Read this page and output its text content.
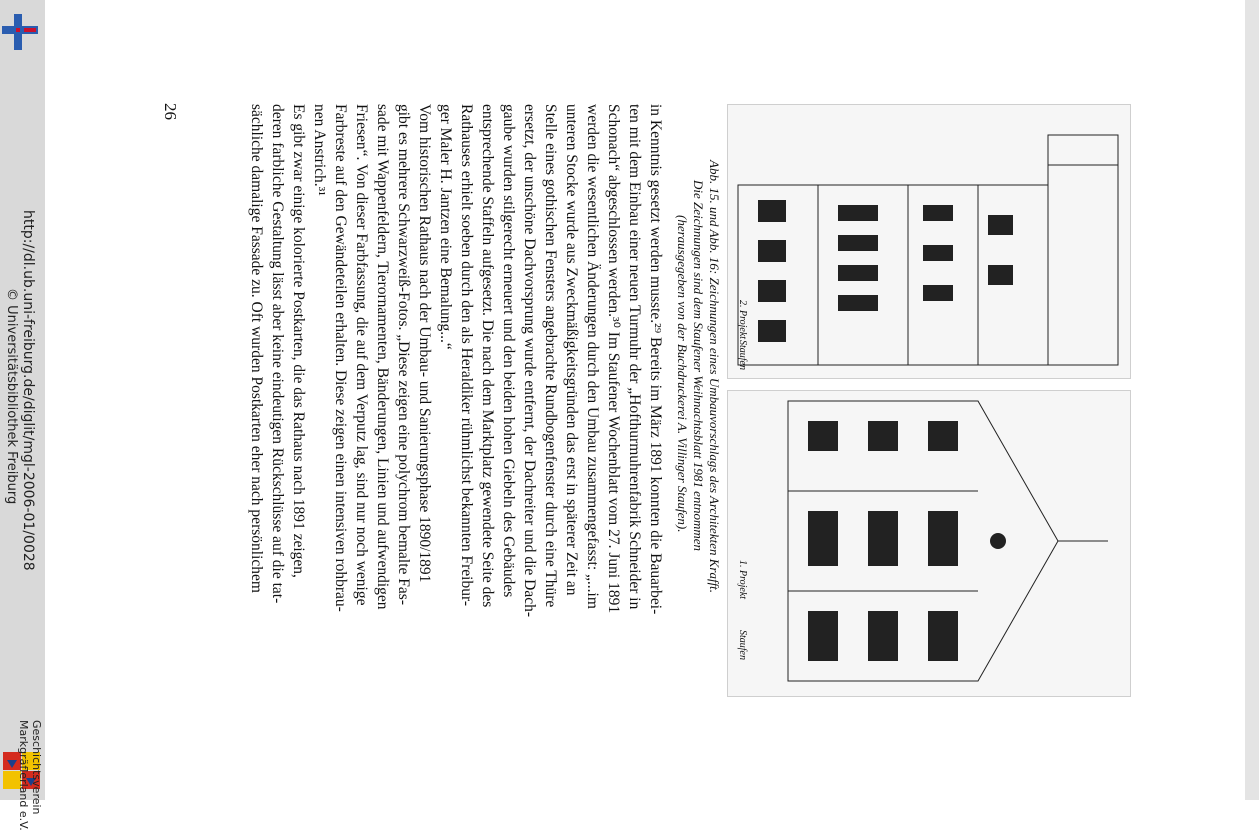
http://dl.ub.uni-freiburg.de/diglit/mgl-2006-01/0028
© Universitätsbibliothek Freiburg
Geschichtsverein
Markgräflerland e.V.
26
2. Projekt
Staufen
1. Projekt
Staufen
Abb. 15. und Abb. 16: Zeichnungen eines Umbauvorschlags des Architekten Krafft.
Die Zeichnungen sind dem Staufener Weihnachtsblatt 1981 entnommen
(herausgegeben von der Buchdruckerei A. Villinger Staufen).
in Kenntnis gesetzt werden musste.²⁹ Bereits im März 1891 konnten die Bauarbei-
ten mit dem Einbau einer neuen Turmuhr der „Hofthurmuhrenfabrik Schneider in
Schonach“ abgeschlossen werden.³⁰ Im Staufener Wochenblatt vom 27. Juni 1891
werden die wesentlichen Änderungen durch den Umbau zusammengefasst: „...im
unteren Stocke wurde aus Zweckmäßigkeitsgründen das erst in späterer Zeit an
Stelle eines gothischen Fensters angebrachte Rundbogenfenster durch eine Thüre
ersetzt, der unschöne Dachvorsprung wurde entfernt, der Dachreiter und die Dach-
gaube wurden stilgerecht erneuert und den beiden hohen Giebeln des Gebäudes
entsprechende Staffeln aufgesetzt. Die nach dem Marktplatz gewendete Seite des
Rathauses erhielt soeben durch den als Heraldiker rühmlichst bekannten Freibur-
ger Maler H. Jantzen eine Bemalung...“
Vom historischen Rathaus nach der Umbau- und Sanierungsphase 1890/1891
gibt es mehrere Schwarzweiß-Fotos. „Diese zeigen eine polychrom bemalte Fas-
sade mit Wappenfeldern, Tierornamenten, Bänderungen, Linien und aufwendigen
Friesen“. Von dieser Farbfassung, die auf dem Verputz lag, sind nur noch wenige
Farbreste auf den Gewändeteilen erhalten. Diese zeigen einen intensiven rohbrau-
nen Anstrich.³¹
Es gibt zwar einige kolorierte Postkarten, die das Rathaus nach 1891 zeigen,
deren farbliche Gestaltung lässt aber keine eindeutigen Rückschlüsse auf die tat-
sächliche damalige Fassade zu. Oft wurden Postkarten eher nach persönlichem
